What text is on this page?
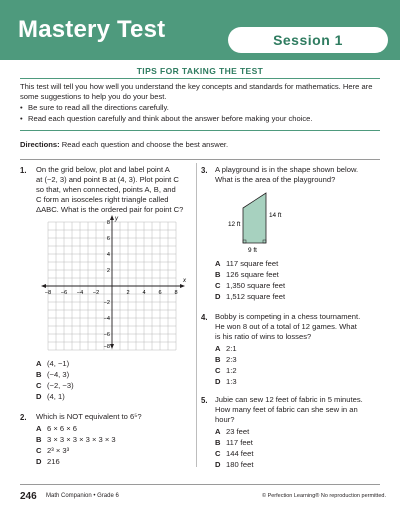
Mastery Test	Session 1
TIPS FOR TAKING THE TEST
This test will tell you how well you understand the key concepts and standards for mathematics. Here are some suggestions to help you do your best.
• Be sure to read all the directions carefully.
• Read each question carefully and think about the answer before making your choice.
Directions: Read each question and choose the best answer.
1. On the grid below, plot and label point A
at (−2, 3) and point B at (4, 3). Plot point C
so that, when connected, points A, B, and
C form an isosceles right triangle called
ΔABC. What is the ordered pair for point C?
x
y
−8 −6 −4 −2	2 4 6 8
8
6
4
2
−2
−4
−6
−8
A (4, −1)
B (−4, 3)
C (−2, −3)
D (4, 1)
2. Which is NOT equivalent to 6⁵?
A 6 × 6 × 6
B 3 × 3 × 3 × 3 × 3 × 3
C 2³ × 3³
D 216
3. A playground is in the shape shown below.
What is the area of the playground?
12 ft
14 ft
9 ft
A 117 square feet
B 126 square feet
C 1,350 square feet
D 1,512 square feet
4. Bobby is competing in a chess tournament.
He won 8 out of a total of 12 games. What
is his ratio of wins to losses?
A 2:1
B 2:3
C 1:2
D 1:3
5. Jubie can sew 12 feet of fabric in 5 minutes.
How many feet of fabric can she sew in an
hour?
A 23 feet
B 117 feet
C 144 feet
D 180 feet
246 Math Companion • Grade 6	© Perfection Learning® No reproduction permitted.
